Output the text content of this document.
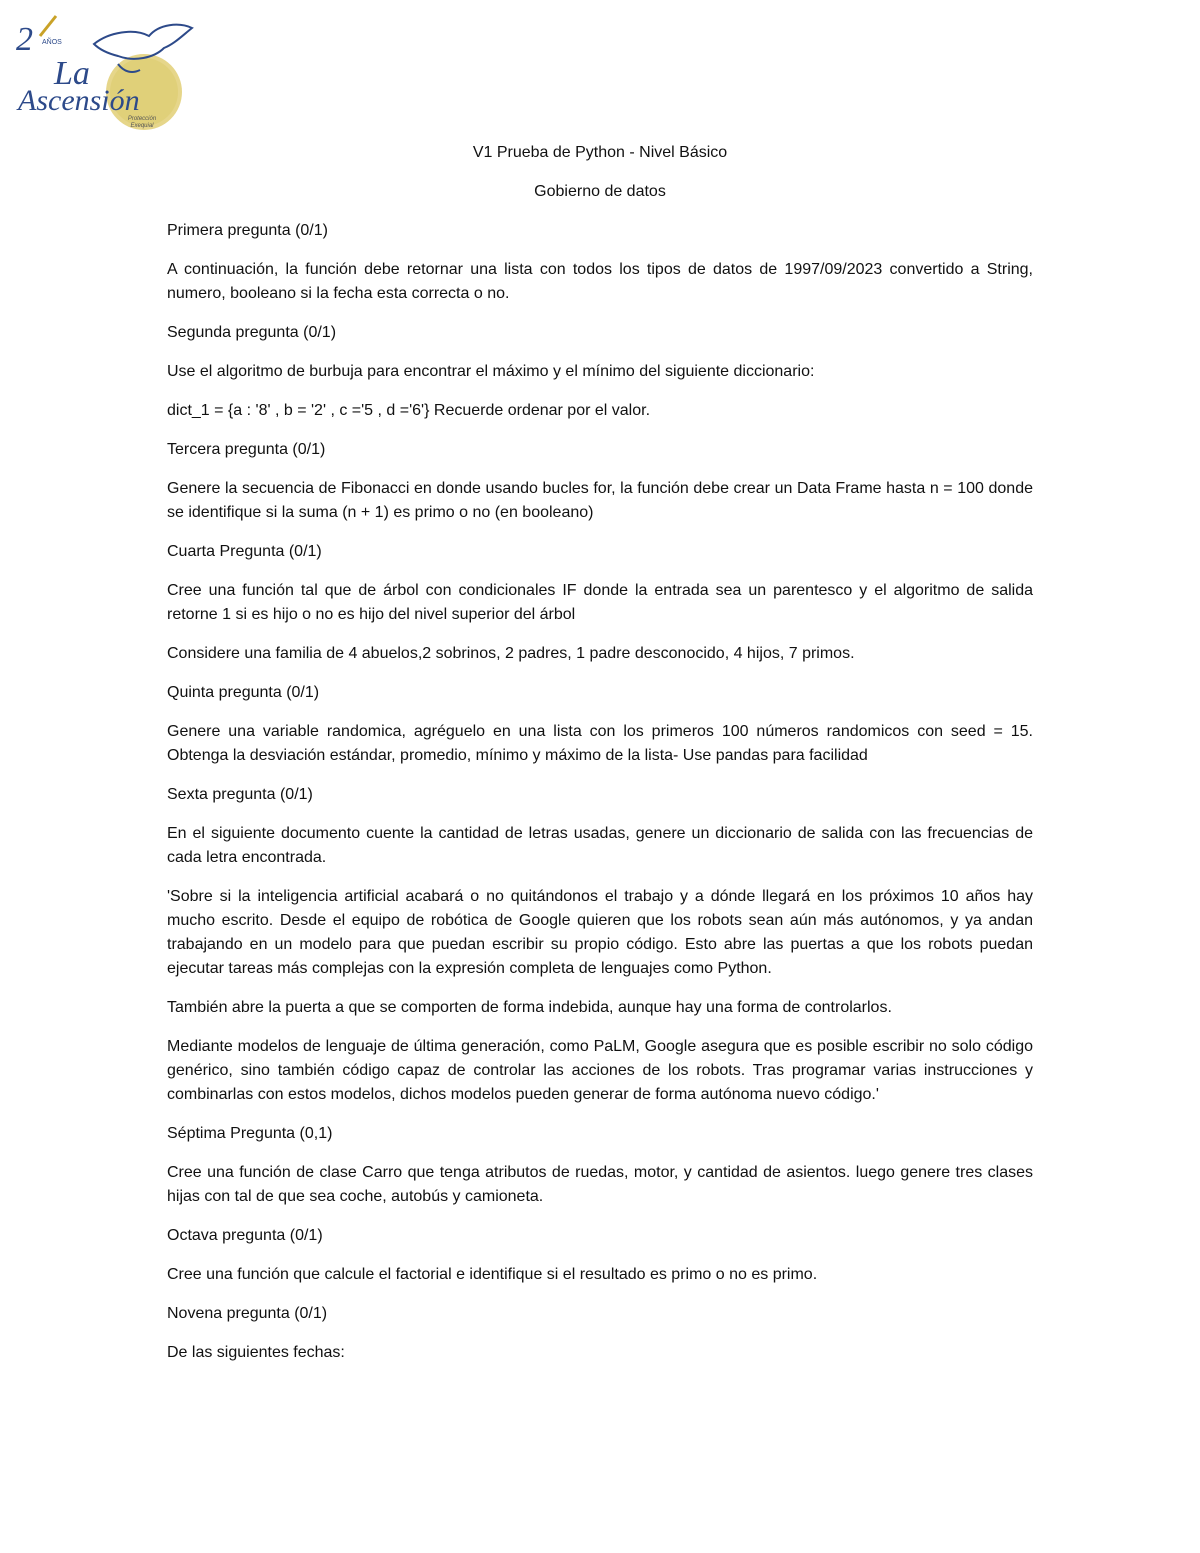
2 AÑOS
La
Ascensión
Protección
Exequial

V1 Prueba de Python - Nivel Básico

Gobierno de datos

Primera pregunta (0/1)

A continuación, la función debe retornar una lista con todos los tipos de datos de 1997/09/2023 convertido a String, numero, booleano si la fecha esta correcta o no.

Segunda pregunta (0/1)

Use el algoritmo de burbuja para encontrar el máximo y el mínimo del siguiente diccionario:

dict_1 = {a : '8' , b = '2' , c ='5 , d ='6'} Recuerde ordenar por el valor.

Tercera pregunta (0/1)

Genere la secuencia de Fibonacci en donde usando bucles for, la función debe crear un Data Frame hasta n = 100 donde se identifique si la suma (n + 1) es primo o no (en booleano)

Cuarta Pregunta (0/1)

Cree una función tal que de árbol con condicionales IF donde la entrada sea un parentesco y el algoritmo de salida retorne 1 si es hijo o no es hijo del nivel superior del árbol

Considere una familia de 4 abuelos,2 sobrinos, 2 padres, 1 padre desconocido, 4 hijos, 7 primos.

Quinta pregunta (0/1)

Genere una variable randomica, agréguelo en una lista con los primeros 100 números randomicos con seed = 15. Obtenga la desviación estándar, promedio, mínimo y máximo de la lista- Use pandas para facilidad

Sexta pregunta (0/1)

En el siguiente documento cuente la cantidad de letras usadas, genere un diccionario de salida con las frecuencias de cada letra encontrada.

'Sobre si la inteligencia artificial acabará o no quitándonos el trabajo y a dónde llegará en los próximos 10 años hay mucho escrito. Desde el equipo de robótica de Google quieren que los robots sean aún más autónomos, y ya andan trabajando en un modelo para que puedan escribir su propio código. Esto abre las puertas a que los robots puedan ejecutar tareas más complejas con la expresión completa de lenguajes como Python.

También abre la puerta a que se comporten de forma indebida, aunque hay una forma de controlarlos.

Mediante modelos de lenguaje de última generación, como PaLM, Google asegura que es posible escribir no solo código genérico, sino también código capaz de controlar las acciones de los robots. Tras programar varias instrucciones y combinarlas con estos modelos, dichos modelos pueden generar de forma autónoma nuevo código.'

Séptima Pregunta (0,1)

Cree una función de clase Carro que tenga atributos de ruedas, motor, y cantidad de asientos. luego genere tres clases hijas con tal de que sea coche, autobús y camioneta.

Octava pregunta (0/1)

Cree una función que calcule el factorial e identifique si el resultado es primo o no es primo.

Novena pregunta (0/1)

De las siguientes fechas:
